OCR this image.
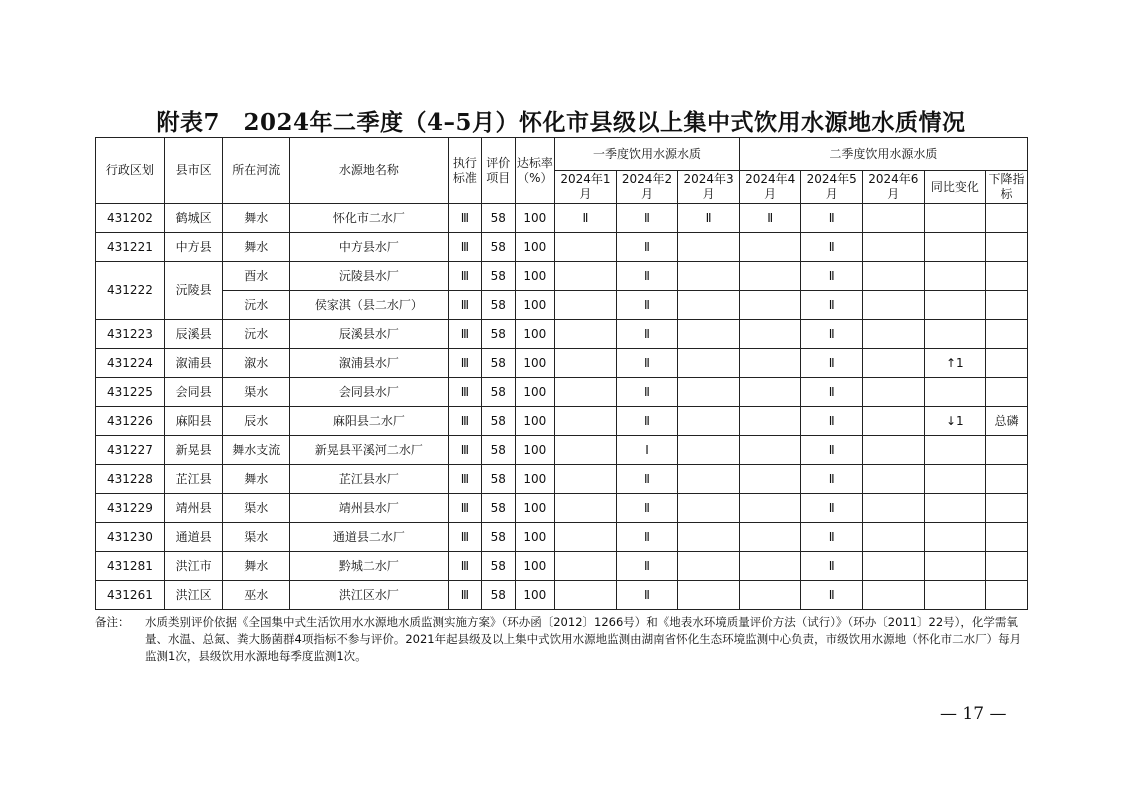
附表7　2024年二季度（4–5月）怀化市县级以上集中式饮用水源地水质情况
行政区划	县市区	所在河流	水源地名称	执行标准	评价项目	达标率（%）	一季度饮用水源水质			二季度饮用水源水质				
							2024年1月	2024年2月	2024年3月	2024年4月	2024年5月	2024年6月	同比变化	下降指标
431202	鹤城区	舞水	怀化市二水厂	Ⅲ	58	100	Ⅱ	Ⅱ	Ⅱ	Ⅱ	Ⅱ			
431221	中方县	舞水	中方县水厂	Ⅲ	58	100		Ⅱ			Ⅱ			
431222	沅陵县	酉水	沅陵县水厂	Ⅲ	58	100		Ⅱ			Ⅱ			
		沅水	侯家淇（县二水厂）	Ⅲ	58	100		Ⅱ			Ⅱ			
431223	辰溪县	沅水	辰溪县水厂	Ⅲ	58	100		Ⅱ			Ⅱ			
431224	溆浦县	溆水	溆浦县水厂	Ⅲ	58	100		Ⅱ			Ⅱ		↑1	
431225	会同县	渠水	会同县水厂	Ⅲ	58	100		Ⅱ			Ⅱ			
431226	麻阳县	辰水	麻阳县二水厂	Ⅲ	58	100		Ⅱ			Ⅱ		↓1	总磷
431227	新晃县	舞水支流	新晃县平溪河二水厂	Ⅲ	58	100		Ⅰ			Ⅱ			
431228	芷江县	舞水	芷江县水厂	Ⅲ	58	100		Ⅱ			Ⅱ			
431229	靖州县	渠水	靖州县水厂	Ⅲ	58	100		Ⅱ			Ⅱ			
431230	通道县	渠水	通道县二水厂	Ⅲ	58	100		Ⅱ			Ⅱ			
431281	洪江市	舞水	黔城二水厂	Ⅲ	58	100		Ⅱ			Ⅱ			
431261	洪江区	巫水	洪江区水厂	Ⅲ	58	100		Ⅱ			Ⅱ			
备注：	水质类别评价依据《全国集中式生活饮用水水源地水质监测实施方案》（环办函〔2012〕1266号）和《地表水环境质量评价方法（试行）》（环办〔2011〕22号），化学需氧量、水温、总氮、粪大肠菌群4项指标不参与评价。2021年起县级及以上集中式饮用水源地监测由湖南省怀化生态环境监测中心负责，市级饮用水源地（怀化市二水厂）每月监测1次，县级饮用水源地每季度监测1次。
— 17 —
